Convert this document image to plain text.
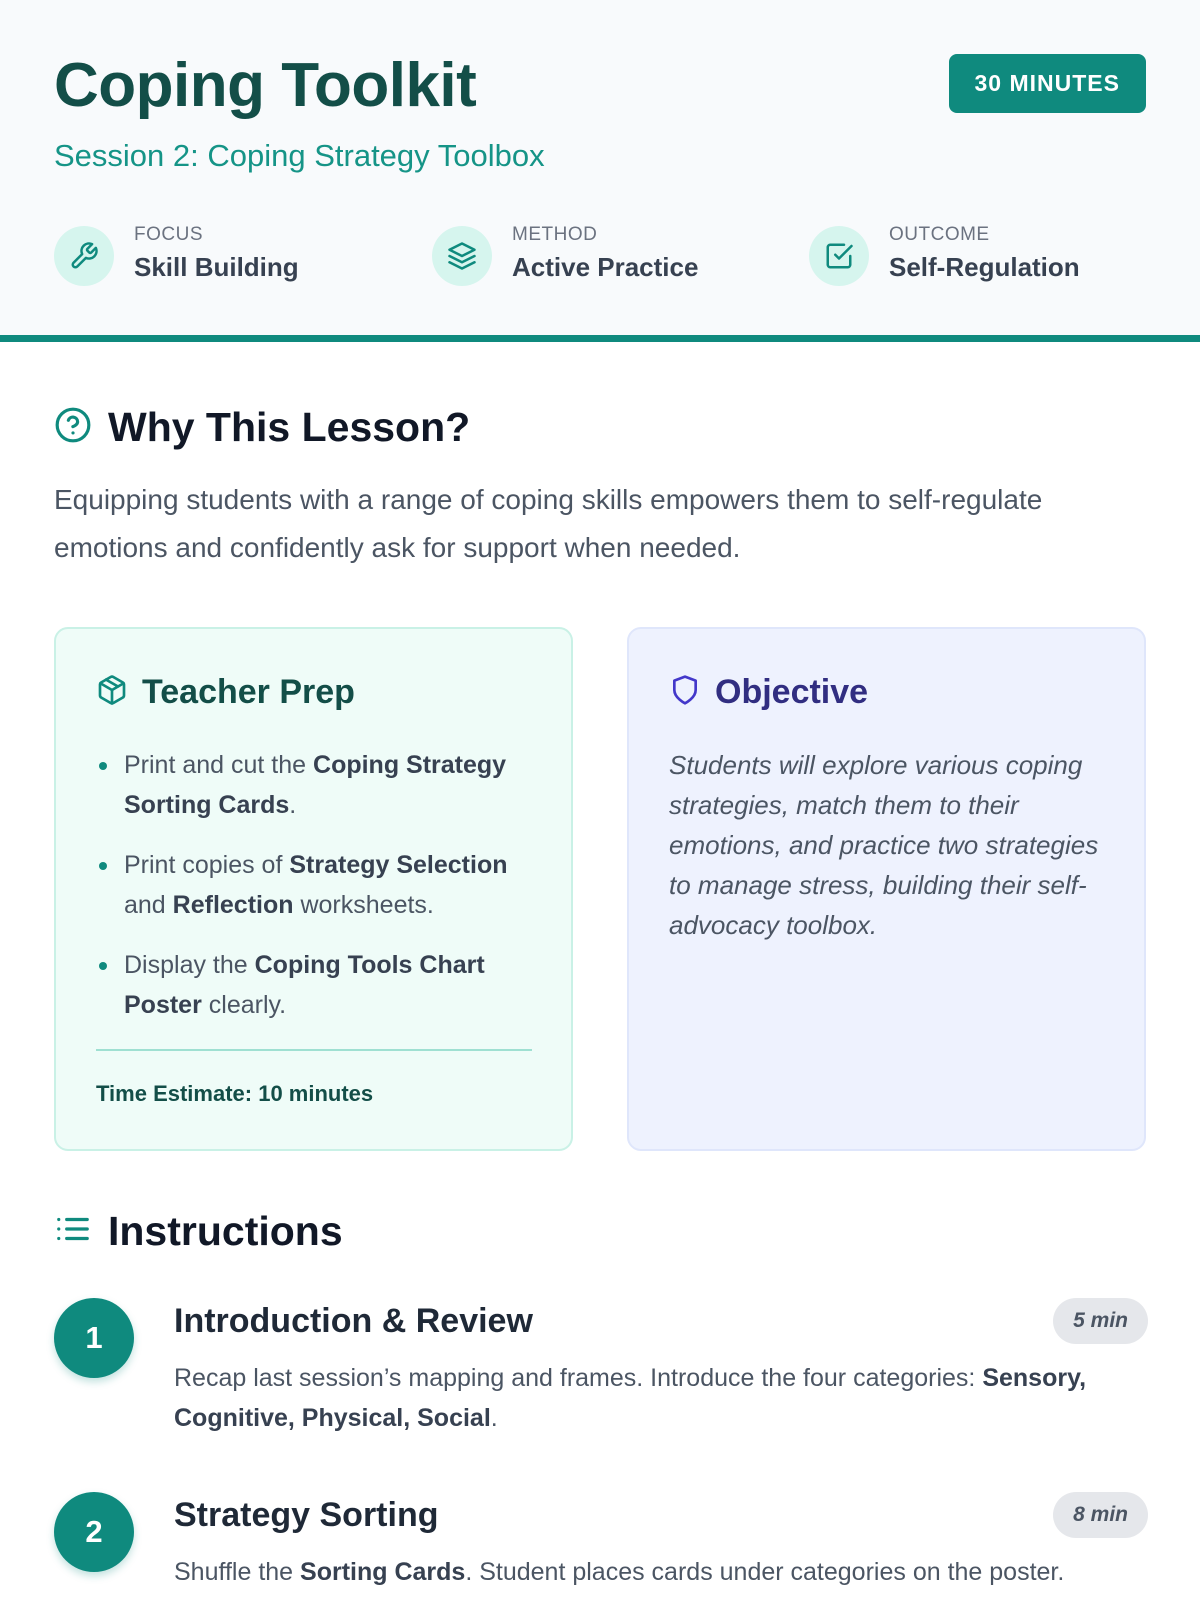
Coping Toolkit
Session 2: Coping Strategy Toolbox
30 MINUTES
FOCUS
Skill Building
METHOD
Active Practice
OUTCOME
Self-Regulation
Why This Lesson?

Equipping students with a range of coping skills empowers them to self-regulate emotions and confidently ask for support when needed.

Teacher Prep
Print and cut the Coping Strategy Sorting Cards.
Print copies of Strategy Selection and Reflection worksheets.
Display the Coping Tools Chart Poster clearly.
Time Estimate: 10 minutes
Objective

Students will explore various coping strategies, match them to their emotions, and practice two strategies to manage stress, building their self-advocacy toolbox.

Instructions
1	Introduction & Review	5 min
Recap last session’s mapping and frames. Introduce the four categories: Sensory, Cognitive, Physical, Social.
2	Strategy Sorting	8 min
Shuffle the Sorting Cards. Student places cards under categories on the poster.
